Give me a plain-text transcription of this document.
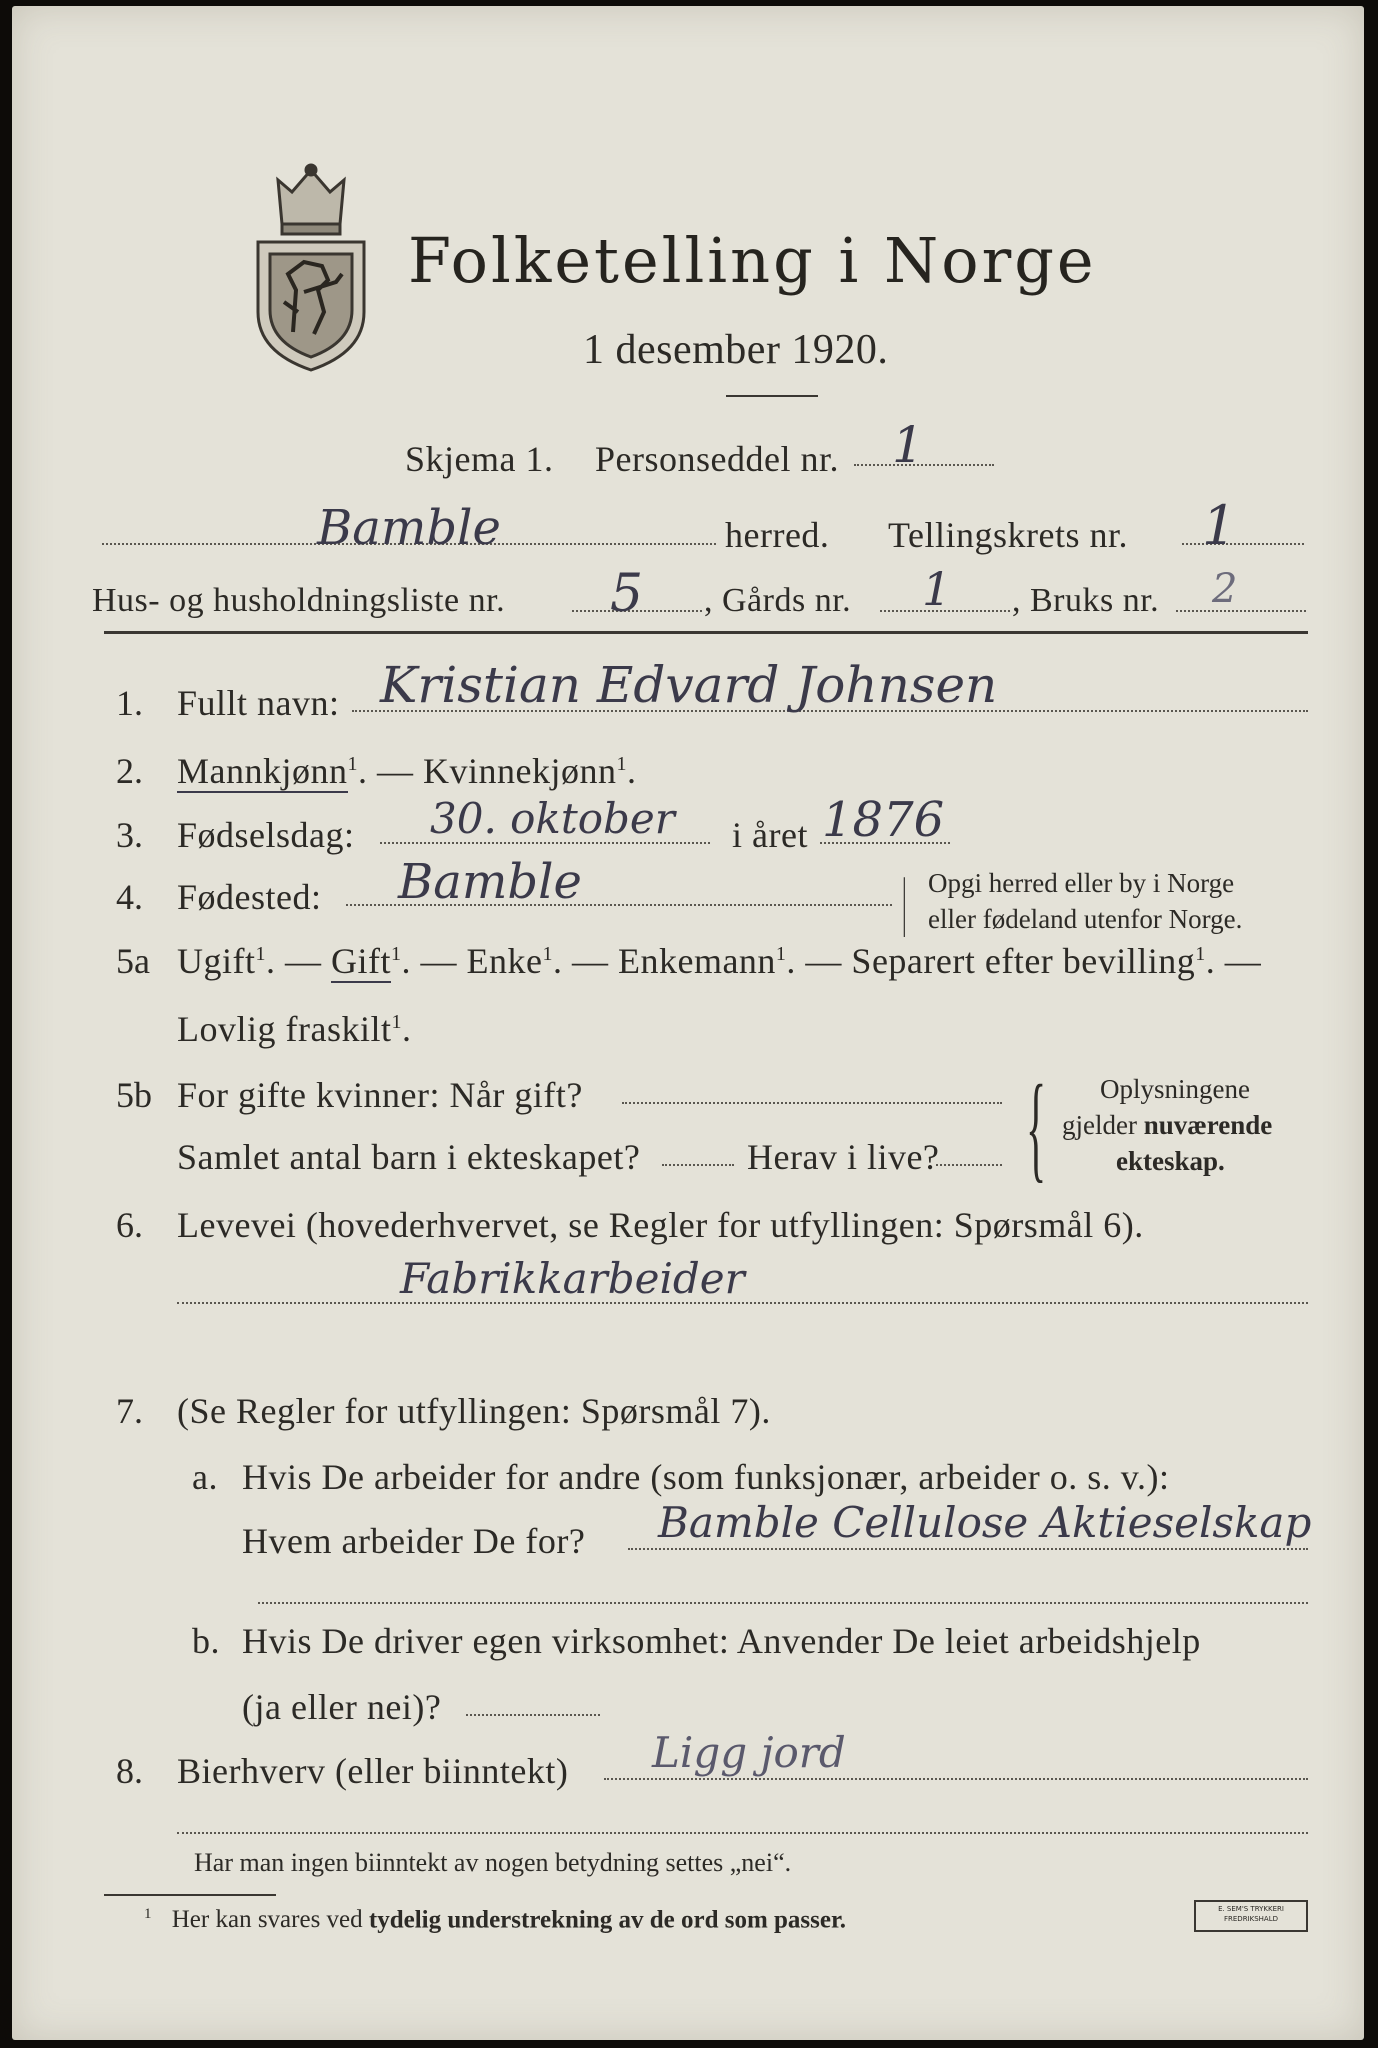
Folketelling i Norge
1 desember 1920.
Skjema 1. Personseddel nr. 1
Bamble	herred. Tellingskrets nr. 1
Hus- og husholdningsliste nr. 5 , Gårds nr. 1 , Bruks nr. 2
1. Fullt navn: Kristian Edvard Johnsen
2. Mannkjønn$^1$. — Kvinnekjønn$^1$.
3. Fødselsdag: 30. oktober i året 1876
4. Fødested: Bamble	| Opgi herred eller by i Norge
eller fødeland utenfor Norge.
5a Ugift$^1$. — Gift$^1$. — Enke$^1$. — Enkemann$^1$. — Separert efter bevilling$^1$. —
Lovlig fraskilt$^1$.
5b For gifte kvinner: Når gift?
Samlet antal barn i ekteskapet?	Herav i live? { Oplysningene
gjelder nuværende
ekteskap.
6. Levevei (hovederhvervet, se Regler for utfyllingen: Spørsmål 6).
Fabrikkarbeider
7. (Se Regler for utfyllingen: Spørsmål 7).
a. Hvis De arbeider for andre (som funksjonær, arbeider o. s. v.):
Hvem arbeider De for? Bamble Cellulose Aktieselskap
b. Hvis De driver egen virksomhet: Anvender De leiet arbeidshjelp
(ja eller nei)?
8. Bierhverv (eller biinntekt) Ligg jord
Har man ingen biinntekt av nogen betydning settes „nei“.
$^1$ Her kan svares ved tydelig understrekning av de ord som passer.	E. SEM'S TRYKKERI
FREDRIKSHALD
